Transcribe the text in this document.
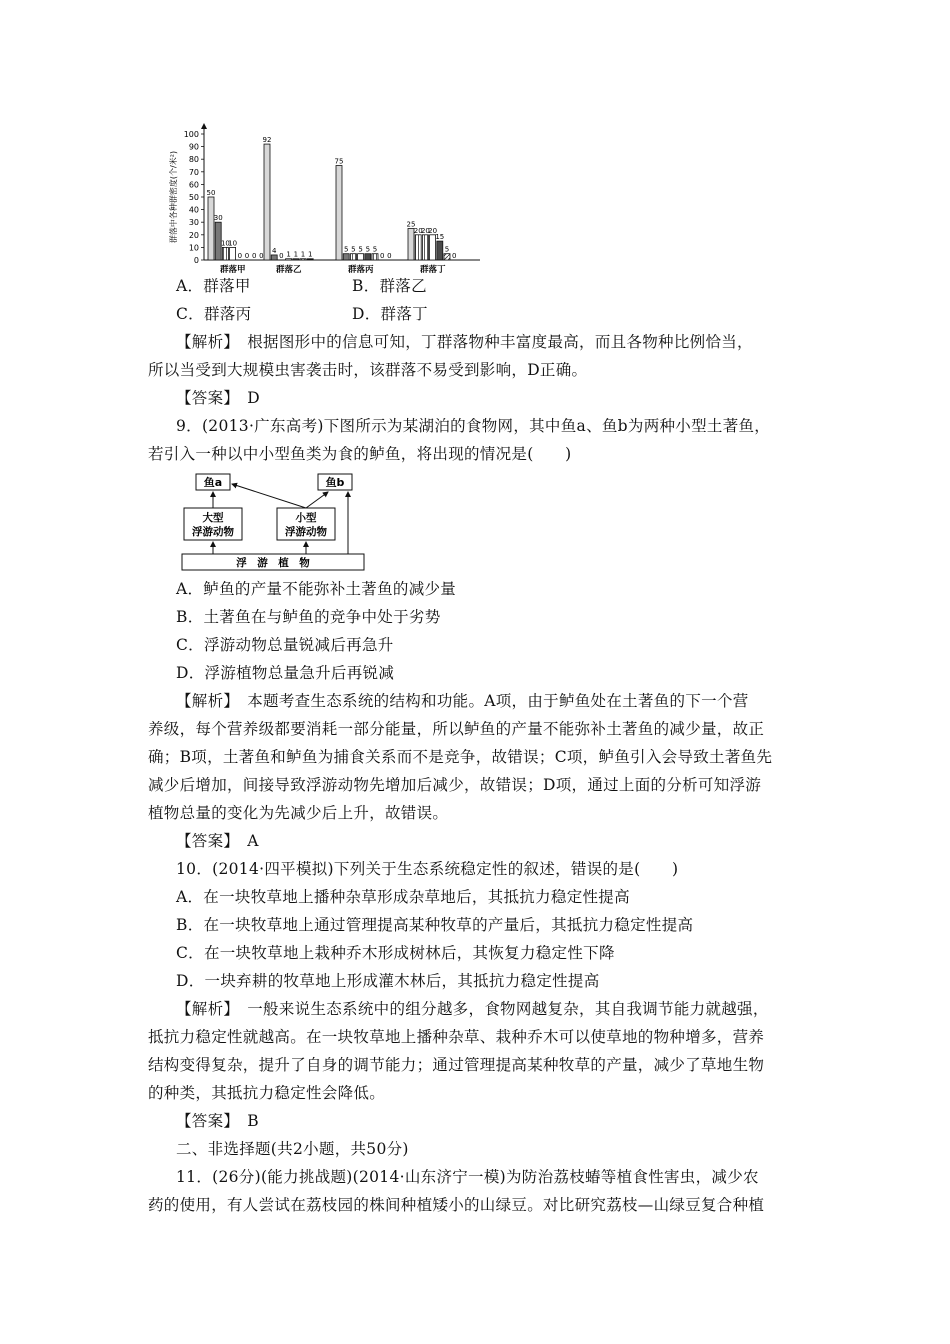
群落中各种群密度(个/米²)
0
10
20
30
40
50
60
70
80
90
100
50
30
10
10
0 0 0 0
群落甲
92
4
0 1 1 1 1
群落乙
75
5 5 5 5 5
0 0
群落丙
25
20
20
20
15
5
0
群落丁
A．群落甲	B．群落乙
C．群落丙	D．群落丁
【解析】　根据图形中的信息可知，丁群落物种丰富度最高，而且各物种比例恰当，
所以当受到大规模虫害袭击时，该群落不易受到影响，D正确。
【答案】　D
9．(2013·广东高考)下图所示为某湖泊的食物网，其中鱼a、鱼b为两种小型土著鱼，
若引入一种以中小型鱼类为食的鲈鱼，将出现的情况是(　　)
鱼a	鱼b
大型
浮游动物
小型
浮游动物
浮　游　植　物
A．鲈鱼的产量不能弥补土著鱼的减少量
B．土著鱼在与鲈鱼的竞争中处于劣势
C．浮游动物总量锐减后再急升
D．浮游植物总量急升后再锐减
【解析】　本题考查生态系统的结构和功能。A项，由于鲈鱼处在土著鱼的下一个营
养级，每个营养级都要消耗一部分能量，所以鲈鱼的产量不能弥补土著鱼的减少量，故正
确；B项，土著鱼和鲈鱼为捕食关系而不是竞争，故错误；C项，鲈鱼引入会导致土著鱼先
减少后增加，间接导致浮游动物先增加后减少，故错误；D项，通过上面的分析可知浮游
植物总量的变化为先减少后上升，故错误。
【答案】　A
10．(2014·四平模拟)下列关于生态系统稳定性的叙述，错误的是(　　)
A．在一块牧草地上播种杂草形成杂草地后，其抵抗力稳定性提高
B．在一块牧草地上通过管理提高某种牧草的产量后，其抵抗力稳定性提高
C．在一块牧草地上栽种乔木形成树林后，其恢复力稳定性下降
D．一块弃耕的牧草地上形成灌木林后，其抵抗力稳定性提高
【解析】　一般来说生态系统中的组分越多，食物网越复杂，其自我调节能力就越强，
抵抗力稳定性就越高。在一块牧草地上播种杂草、栽种乔木可以使草地的物种增多，营养
结构变得复杂，提升了自身的调节能力；通过管理提高某种牧草的产量，减少了草地生物
的种类，其抵抗力稳定性会降低。
【答案】　B
二、非选择题(共2小题，共50分)
11．(26分)(能力挑战题)(2014·山东济宁一模)为防治荔枝蝽等植食性害虫，减少农
药的使用，有人尝试在荔枝园的株间种植矮小的山绿豆。对比研究荔枝—山绿豆复合种植
